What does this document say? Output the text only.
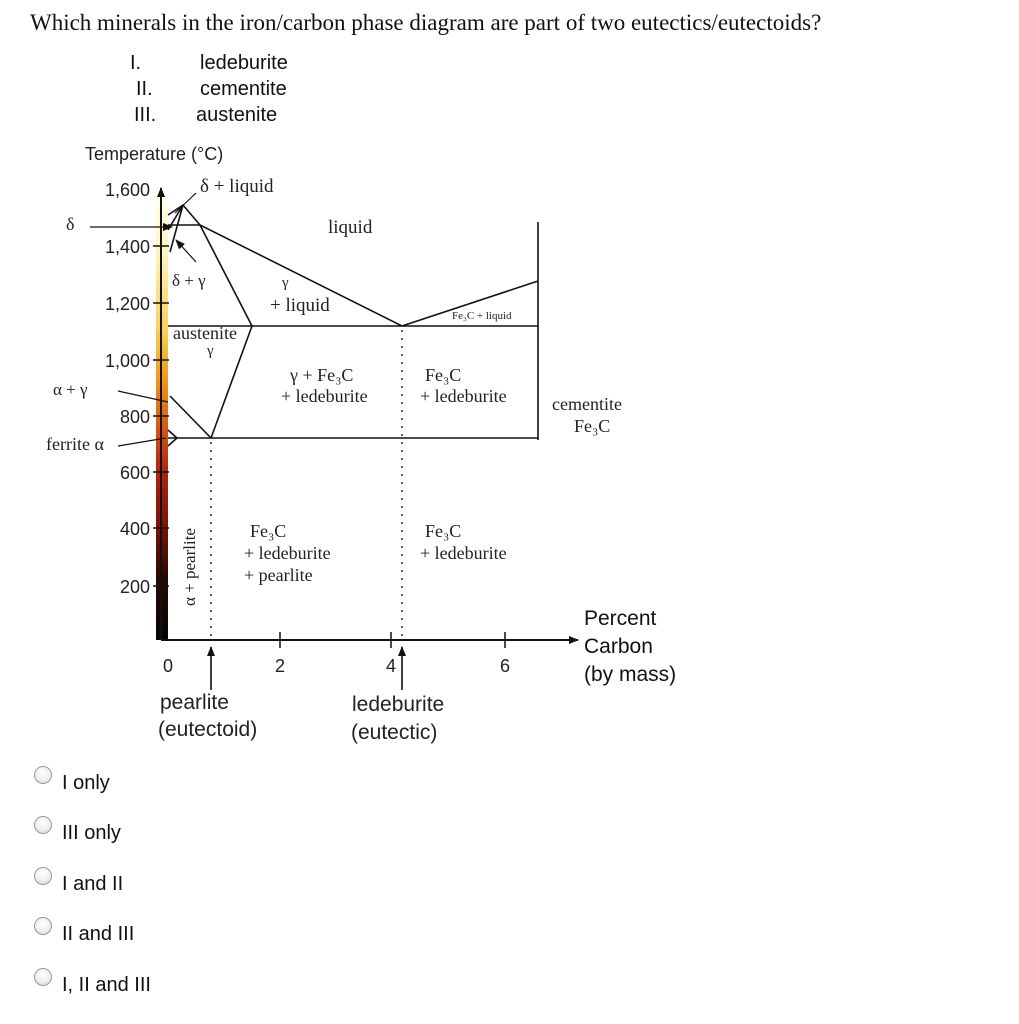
Which minerals in the iron/carbon phase diagram are part of two eutectics/eutectoids?
I.	ledeburite
II.	cementite
III.	austenite
Temperature (°C)
1,600
1,400
1,200
1,000
800
600
400
200
0	2	4	6
Percent
Carbon
(by mass)
δ
α + γ
ferrite α
δ + liquid
liquid
δ + γ	γ
+ liquid	Fe₃C + liquid
austenite
γ
γ + Fe₃C
+ ledeburite
Fe₃C
+ ledeburite	cementite
Fe₃C
α + pearlite	Fe₃C
+ ledeburite
+ pearlite
Fe₃C
+ ledeburite
pearlite
(eutectoid)
ledeburite
(eutectic)
I only
III only
I and II
II and III
I, II and III
